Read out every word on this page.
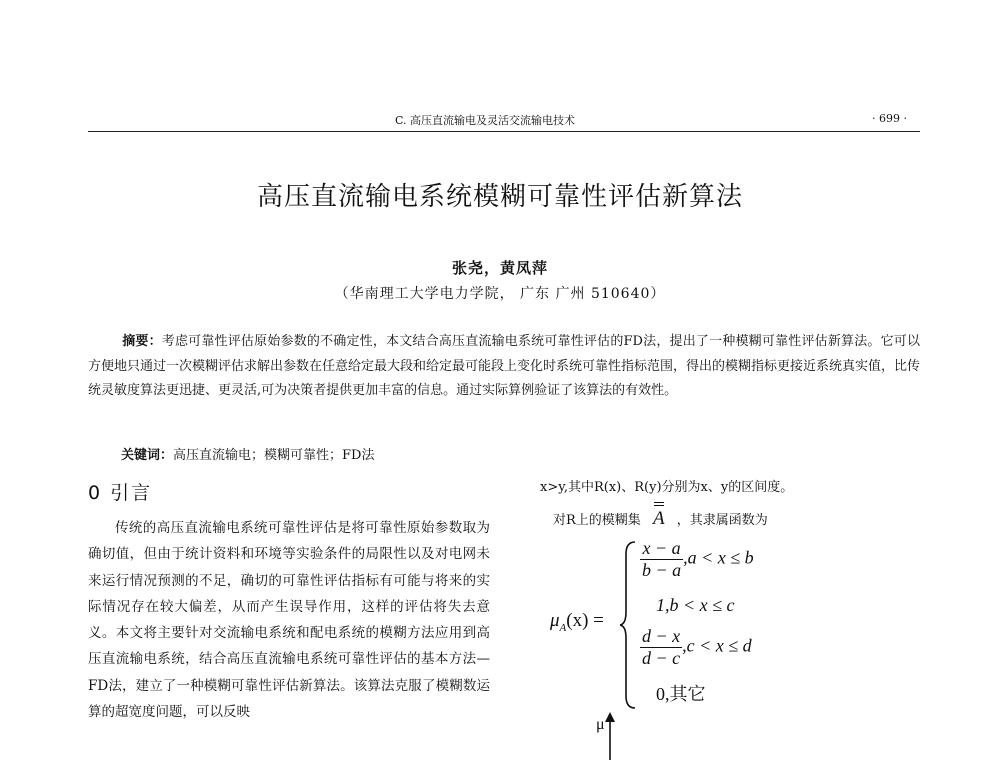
C. 高压直流输电及灵活交流输电技术	· 699 ·
高压直流输电系统模糊可靠性评估新算法
张尧，黄凤萍
（华南理工大学电力学院， 广东 广州 510640）
摘要：考虑可靠性评估原始参数的不确定性，本文结合高压直流输电系统可靠性评估的FD法，提出了一种模糊可靠性评估新算法。它可以方便地只通过一次模糊评估求解出参数在任意给定最大段和给定最可能段上变化时系统可靠性指标范围，得出的模糊指标更接近系统真实值，比传统灵敏度算法更迅捷、更灵活,可为决策者提供更加丰富的信息。通过实际算例验证了该算法的有效性。
关键词：高压直流输电；模糊可靠性；FD法
0 引言
传统的高压直流输电系统可靠性评估是将可靠性原始参数取为确切值，但由于统计资料和环境等实验条件的局限性以及对电网未来运行情况预测的不足，确切的可靠性评估指标有可能与将来的实际情况存在较大偏差，从而产生误导作用，这样的评估将失去意义。本文将主要针对交流输电系统和配电系统的模糊方法应用到高压直流输电系统，结合高压直流输电系统可靠性评估的基本方法—FD法，建立了一种模糊可靠性评估新算法。该算法克服了模糊数运算的超宽度问题，可以反映
x>y,其中R(x)、R(y)分别为x、y的区间度。
对R上的模糊集 A ，其隶属函数为
$\mu_A(x)$ =
$\frac{x - a}{b - a} ,a < x \le b$
1,b < x ≤ c
$\frac{d - x}{d - c} ,c < x \le d$
0,其它
μ
